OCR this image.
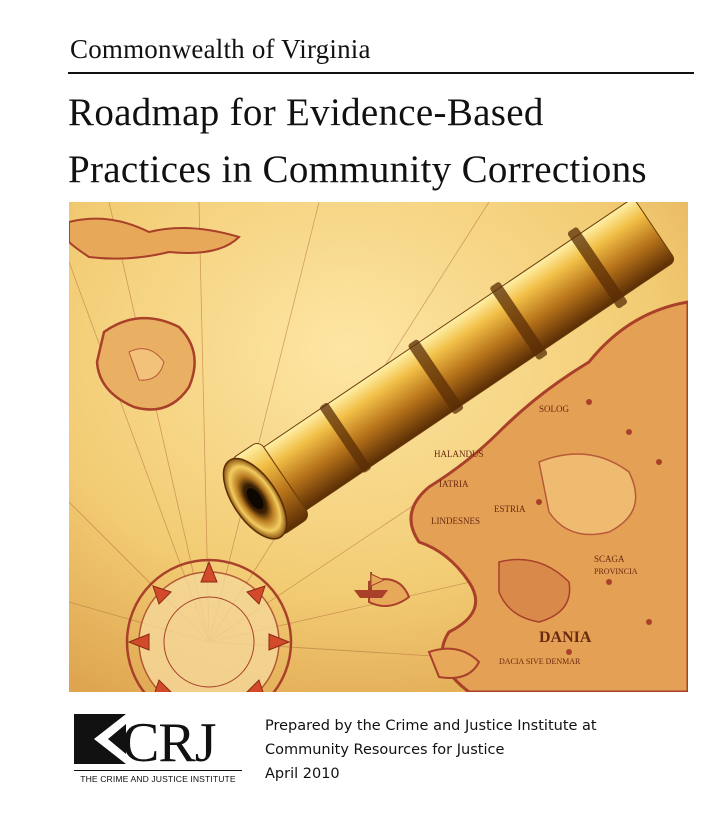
Commonwealth of Virginia
Roadmap for Evidence-Based
Practices in Community Corrections
SOLOG
IATRIA
LINDESNES
ESTRIA
HALANDUS
DANIA
DACIA SIVE DENMAR
SCAGA
PROVINCIA
CRJ
THE CRIME AND JUSTICE INSTITUTE
Prepared by the Crime and Justice Institute at
Community Resources for Justice
April 2010
